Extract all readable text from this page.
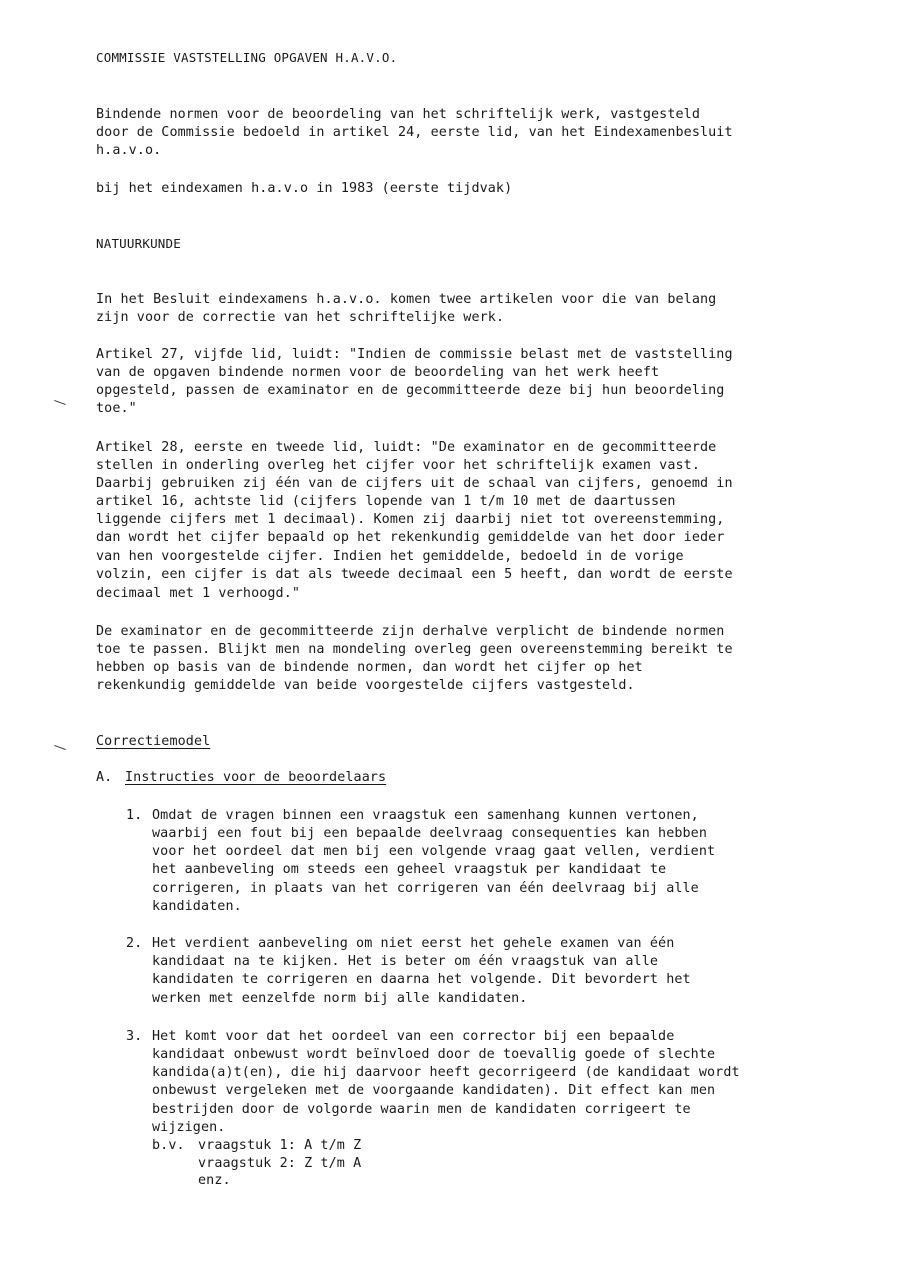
COMMISSIE VASTSTELLING OPGAVEN H.A.V.O.
Bindende normen voor de beoordeling van het schriftelijk werk, vastgesteld
door de Commissie bedoeld in artikel 24, eerste lid, van het Eindexamenbesluit
h.a.v.o.
bij het eindexamen h.a.v.o in 1983 (eerste tijdvak)
NATUURKUNDE
In het Besluit eindexamens h.a.v.o. komen twee artikelen voor die van belang
zijn voor de correctie van het schriftelijke werk.
Artikel 27, vijfde lid, luidt: "Indien de commissie belast met de vaststelling
van de opgaven bindende normen voor de beoordeling van het werk heeft
opgesteld, passen de examinator en de gecommitteerde deze bij hun beoordeling
toe."
Artikel 28, eerste en tweede lid, luidt: "De examinator en de gecommitteerde
stellen in onderling overleg het cijfer voor het schriftelijk examen vast.
Daarbij gebruiken zij één van de cijfers uit de schaal van cijfers, genoemd in
artikel 16, achtste lid (cijfers lopende van 1 t/m 10 met de daartussen
liggende cijfers met 1 decimaal). Komen zij daarbij niet tot overeenstemming,
dan wordt het cijfer bepaald op het rekenkundig gemiddelde van het door ieder
van hen voorgestelde cijfer. Indien het gemiddelde, bedoeld in de vorige
volzin, een cijfer is dat als tweede decimaal een 5 heeft, dan wordt de eerste
decimaal met 1 verhoogd."
De examinator en de gecommitteerde zijn derhalve verplicht de bindende normen
toe te passen. Blijkt men na mondeling overleg geen overeenstemming bereikt te
hebben op basis van de bindende normen, dan wordt het cijfer op het
rekenkundig gemiddelde van beide voorgestelde cijfers vastgesteld.
Correctiemodel
A. Instructies voor de beoordelaars
1. Omdat de vragen binnen een vraagstuk een samenhang kunnen vertonen,
waarbij een fout bij een bepaalde deelvraag consequenties kan hebben
voor het oordeel dat men bij een volgende vraag gaat vellen, verdient
het aanbeveling om steeds een geheel vraagstuk per kandidaat te
corrigeren, in plaats van het corrigeren van één deelvraag bij alle
kandidaten.
2. Het verdient aanbeveling om niet eerst het gehele examen van één
kandidaat na te kijken. Het is beter om één vraagstuk van alle
kandidaten te corrigeren en daarna het volgende. Dit bevordert het
werken met eenzelfde norm bij alle kandidaten.
3. Het komt voor dat het oordeel van een corrector bij een bepaalde
kandidaat onbewust wordt beïnvloed door de toevallig goede of slechte
kandida(a)t(en), die hij daarvoor heeft gecorrigeerd (de kandidaat wordt
onbewust vergeleken met de voorgaande kandidaten). Dit effect kan men
bestrijden door de volgorde waarin men de kandidaten corrigeert te
wijzigen.
b.v. vraagstuk 1: A t/m Z
vraagstuk 2: Z t/m A
enz.
